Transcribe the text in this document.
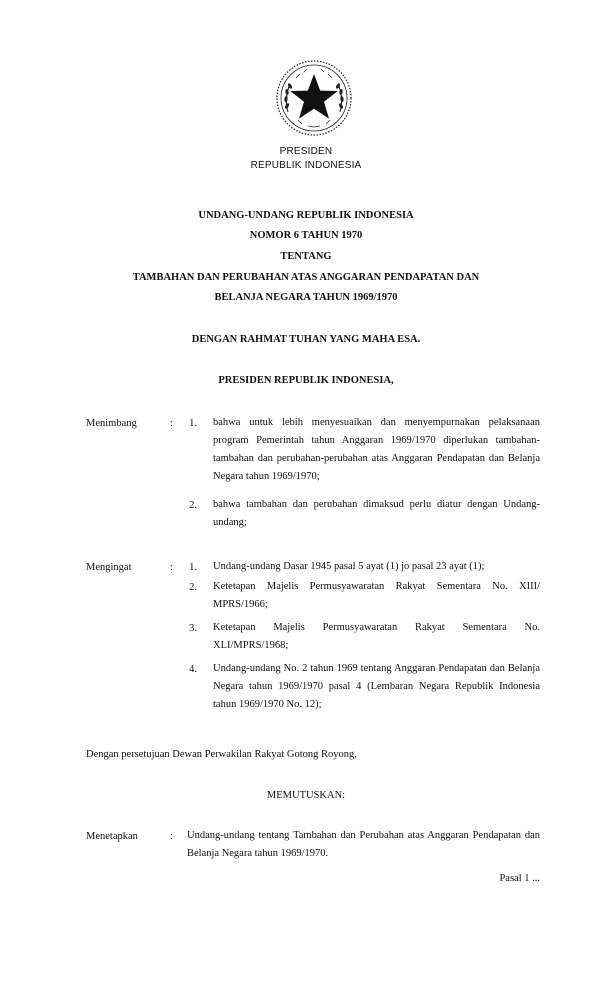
PRESIDEN
REPUBLIK INDONESIA
UNDANG-UNDANG REPUBLIK INDONESIA
NOMOR 6 TAHUN 1970
TENTANG
TAMBAHAN DAN PERUBAHAN ATAS ANGGARAN PENDAPATAN DAN
BELANJA NEGARA TAHUN 1969/1970
DENGAN RAHMAT TUHAN YANG MAHA ESA.
PRESIDEN REPUBLIK INDONESIA,
Menimbang	:	1. bahwa untuk lebih menyesuaikan dan menyempurnakan pelaksanaan program Pemerintah tahun Anggaran 1969/1970 diperlukan tambahan-tambahan dan perubahan-perubahan atas Anggaran Pendapatan dan Belanja Negara tahun 1969/1970;
2. bahwa tambahan dan perubahan dimaksud perlu diatur dengan Undang-undang;
Mengingat	:	1. Undang-undang Dasar 1945 pasal 5 ayat (1) jo pasal 23 ayat (1);
2. Ketetapan Majelis Permusyawaratan Rakyat Sementara No. XIII/ MPRS/1966;
3. Ketetapan Majelis Permusyawaratan Rakyat Sementara No. XLI/MPRS/1968;
4. Undang-undang No. 2 tahun 1969 tentang Anggaran Pendapatan dan Belanja Negara tahun 1969/1970 pasal 4 (Lembaran Negara Republik Indonesia tahun 1969/1970 No. 12);
Dengan persetujuan Dewan Perwakilan Rakyat Gotong Royong,
MEMUTUSKAN:
Menetapkan	: Undang-undang tentang Tambahan dan Perubahan atas Anggaran Pendapatan dan Belanja Negara tahun 1969/1970.
Pasal 1 ...
